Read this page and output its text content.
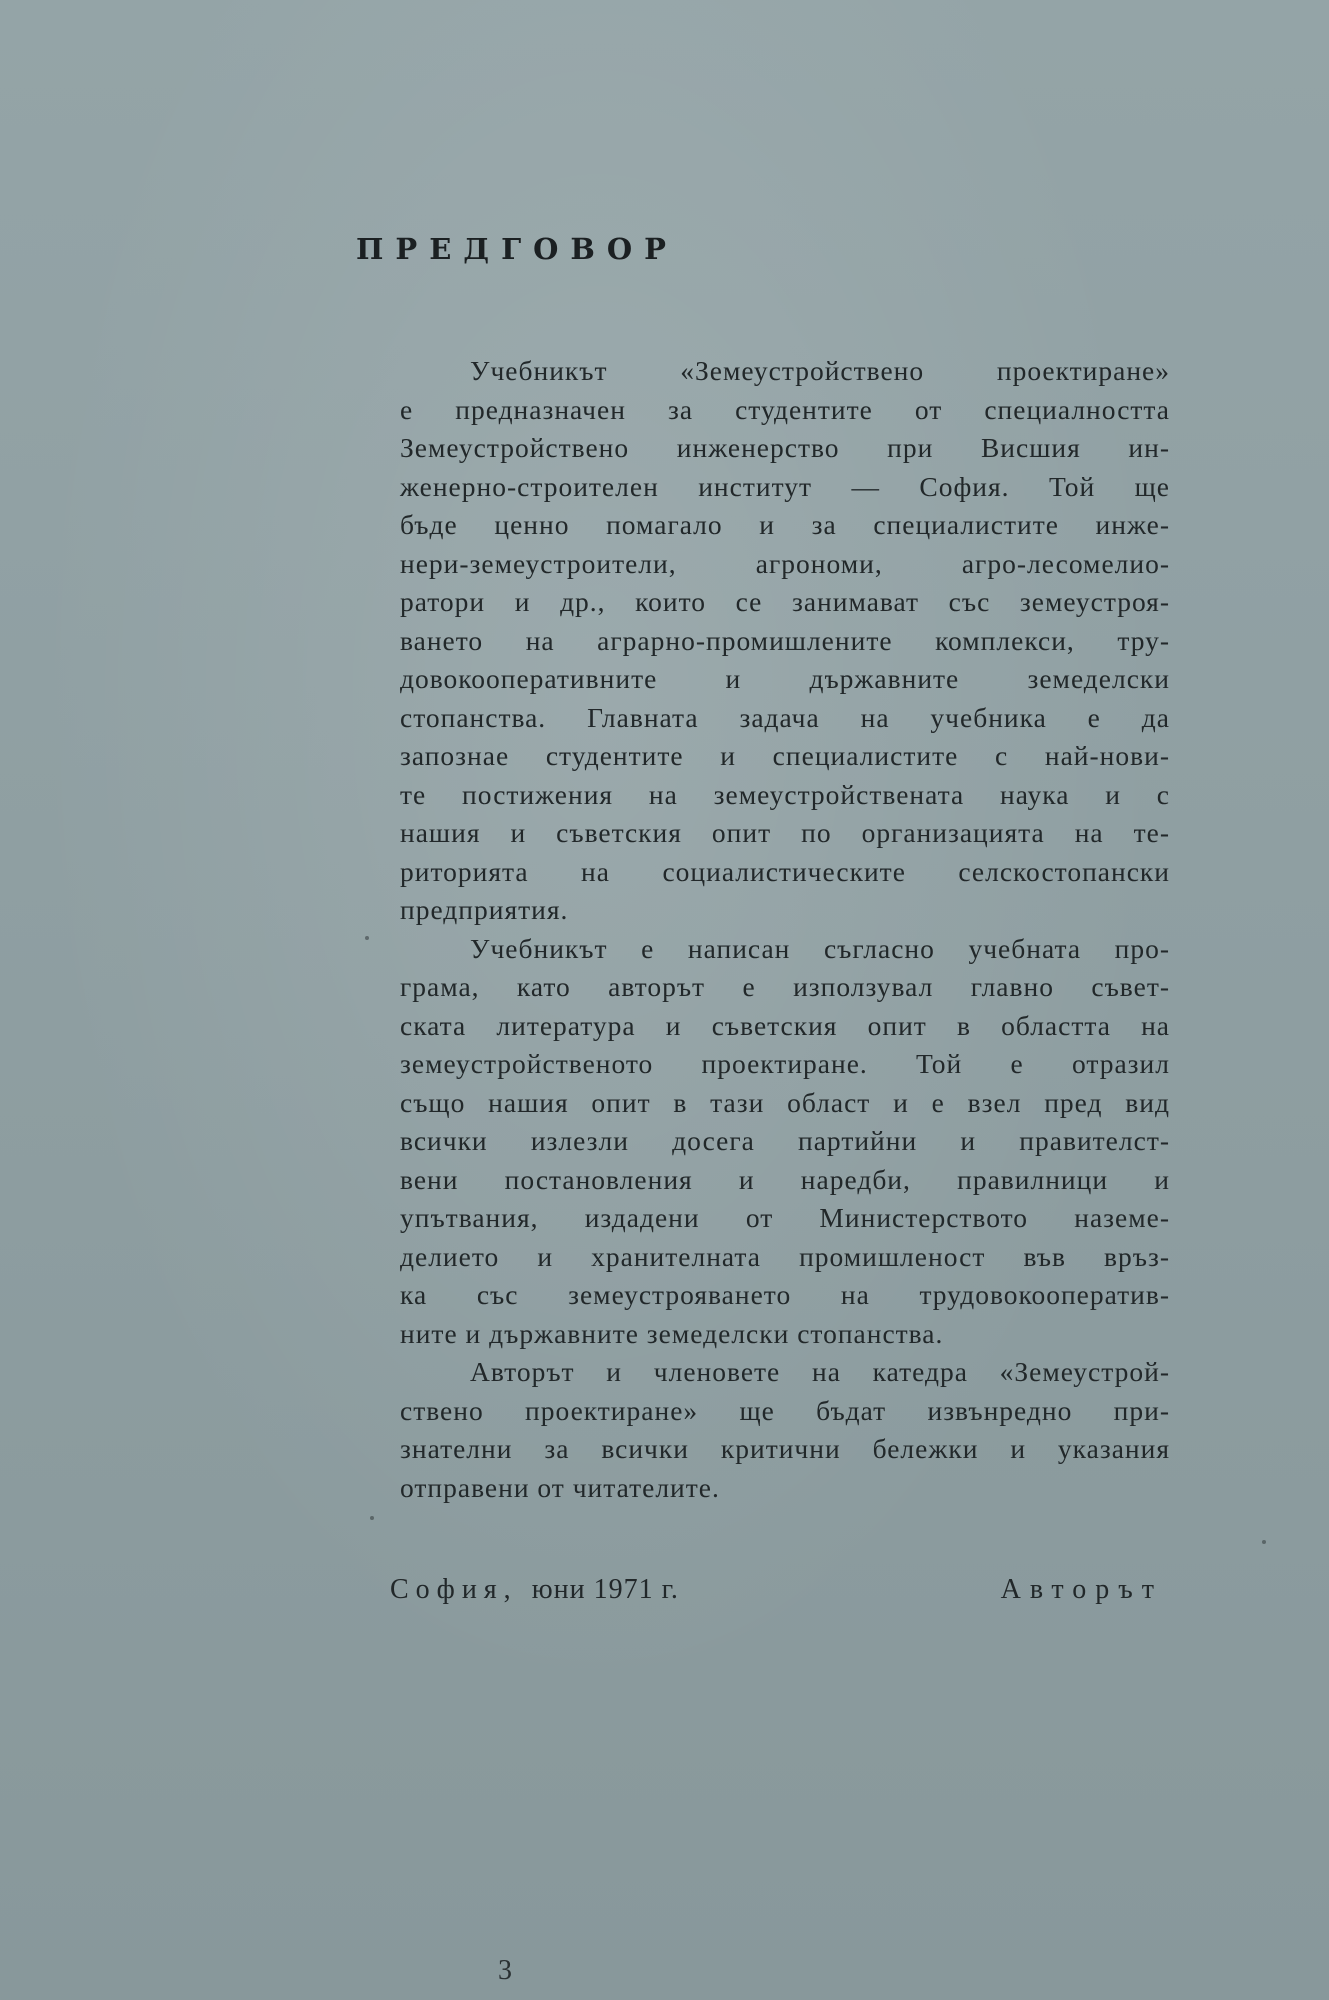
ПРЕДГОВОР
Учебникът «Земеустройствено проектиране»
е предназначен за студентите от специалността
Земеустройствено инженерство при Висшия ин-
женерно-строителен институт — София. Той ще
бъде ценно помагало и за специалистите инже-
нери-земеустроители, агрономи, агро-лесомелио-
ратори и др., които се занимават със земеустроя-
ването на аграрно-промишлените комплекси, тру-
довокооперативните и държавните земеделски
стопанства. Главната задача на учебника е да
запознае студентите и специалистите с най-нови-
те постижения на земеустройствената наука и с
нашия и съветския опит по организацията на те-
риторията на социалистическите селскостопански
предприятия.
Учебникът е написан съгласно учебната про-
грама, като авторът е използувал главно съвет-
ската литература и съветския опит в областта на
земеустройственото проектиране. Той е отразил
също нашия опит в тази област и е взел пред вид
всички излезли досега партийни и правителст-
вени постановления и наредби, правилници и
упътвания, издадени от Министерството наземе-
делието и хранителната промишленост във връз-
ка със земеустрояването на трудовокооператив-
ните и държавните земеделски стопанства.
Авторът и членовете на катедра «Земеустрой-
ствено проектиране» ще бъдат извънредно при-
знателни за всички критични бележки и указания
отправени от читателите.
София, юни 1971 г.	Авторът
3
